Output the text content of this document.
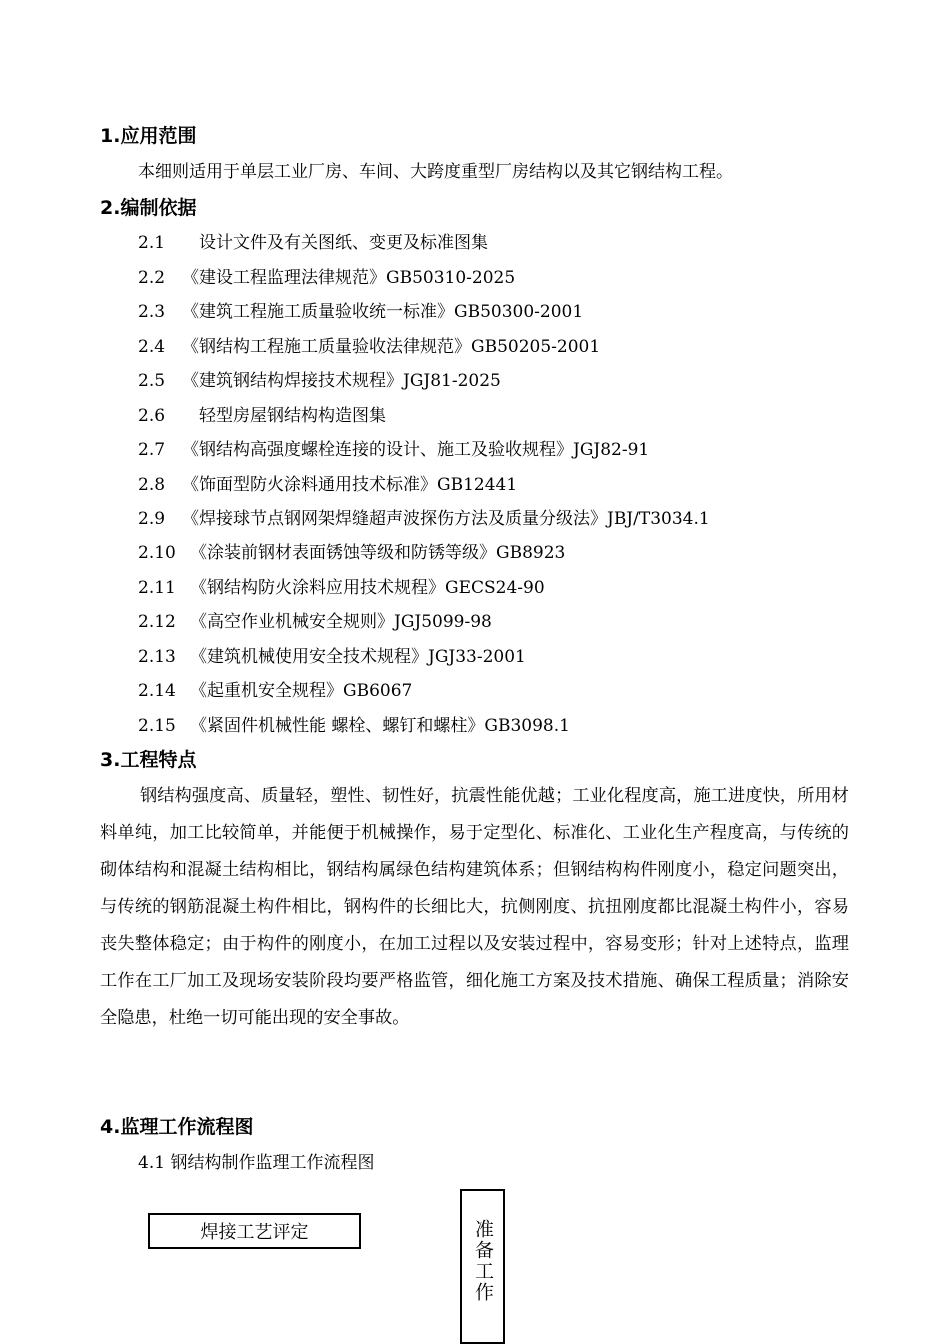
1.应用范围

本细则适用于单层工业厂房、车间、大跨度重型厂房结构以及其它钢结构工程。

2.编制依据

2.1　设计文件及有关图纸、变更及标准图集

2.2 《建设工程监理法律规范》GB50310-2025

2.3 《建筑工程施工质量验收统一标准》GB50300-2001

2.4 《钢结构工程施工质量验收法律规范》GB50205-2001

2.5 《建筑钢结构焊接技术规程》JGJ81-2025

2.6　轻型房屋钢结构构造图集

2.7 《钢结构高强度螺栓连接的设计、施工及验收规程》JGJ82-91

2.8 《饰面型防火涂料通用技术标准》GB12441

2.9 《焊接球节点钢网架焊缝超声波探伤方法及质量分级法》JBJ/T3034.1

2.10 《涂装前钢材表面锈蚀等级和防锈等级》GB8923

2.11 《钢结构防火涂料应用技术规程》GECS24-90

2.12 《高空作业机械安全规则》JGJ5099-98

2.13 《建筑机械使用安全技术规程》JGJ33-2001

2.14 《起重机安全规程》GB6067

2.15 《紧固件机械性能 螺栓、螺钉和螺柱》GB3098.1

3.工程特点

钢结构强度高、质量轻，塑性、韧性好，抗震性能优越；工业化程度高，施工进度快，所用材料单纯，加工比较简单，并能便于机械操作，易于定型化、标准化、工业化生产程度高，与传统的砌体结构和混凝土结构相比，钢结构属绿色结构建筑体系；但钢结构构件刚度小，稳定问题突出，与传统的钢筋混凝土构件相比，钢构件的长细比大，抗侧刚度、抗扭刚度都比混凝土构件小，容易丧失整体稳定；由于构件的刚度小，在加工过程以及安装过程中，容易变形；针对上述特点，监理工作在工厂加工及现场安装阶段均要严格监管，细化施工方案及技术措施、确保工程质量；消除安全隐患，杜绝一切可能出现的安全事故。

4.监理工作流程图

4.1 钢结构制作监理工作流程图

焊接工艺评定	准备工作
